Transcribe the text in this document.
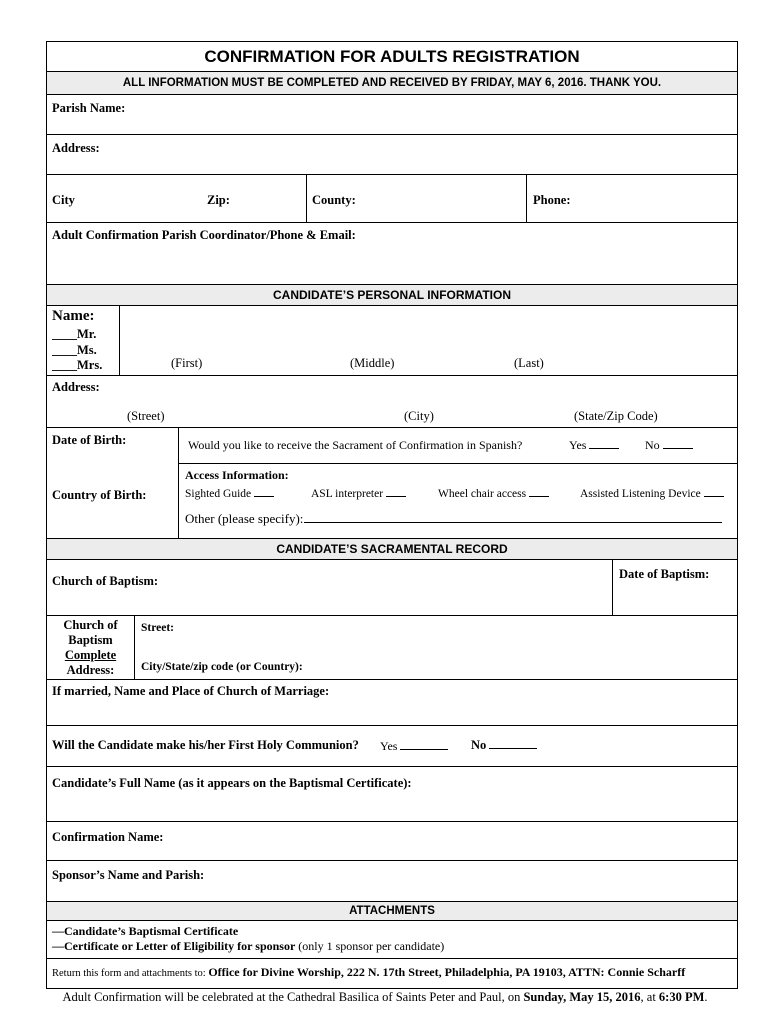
CONFIRMATION FOR ADULTS REGISTRATION
ALL INFORMATION MUST BE COMPLETED AND RECEIVED BY FRIDAY, MAY 6, 2016. THANK YOU.
Parish Name:
Address:
City	Zip:	County:	Phone:
Adult Confirmation Parish Coordinator/Phone & Email:
CANDIDATE’S PERSONAL INFORMATION
Name:
____Mr.
____Ms.
____Mrs.	(First)	(Middle)	(Last)
Address:
(Street)	(City)	(State/Zip Code)
Date of Birth:
Country of Birth:
Would you like to receive the Sacrament of Confirmation in Spanish?	Yes	No
Access Information:
Sighted Guide	ASL interpreter	Wheel chair access	Assisted Listening Device
Other (please specify):
CANDIDATE’S SACRAMENTAL RECORD
Church of Baptism:	Date of Baptism:
Church of
Baptism
Complete
Address:
Street:
City/State/zip code (or Country):
If married, Name and Place of Church of Marriage:
Will the Candidate make his/her First Holy Communion? Yes	No
Candidate’s Full Name (as it appears on the Baptismal Certificate):
Confirmation Name:
Sponsor’s Name and Parish:
ATTACHMENTS
—Candidate’s Baptismal Certificate
—Certificate or Letter of Eligibility for sponsor (only 1 sponsor per candidate)
Return this form and attachments to: Office for Divine Worship, 222 N. 17th Street, Philadelphia, PA 19103, ATTN: Connie Scharff
Adult Confirmation will be celebrated at the Cathedral Basilica of Saints Peter and Paul, on Sunday, May 15, 2016, at 6:30 PM.
